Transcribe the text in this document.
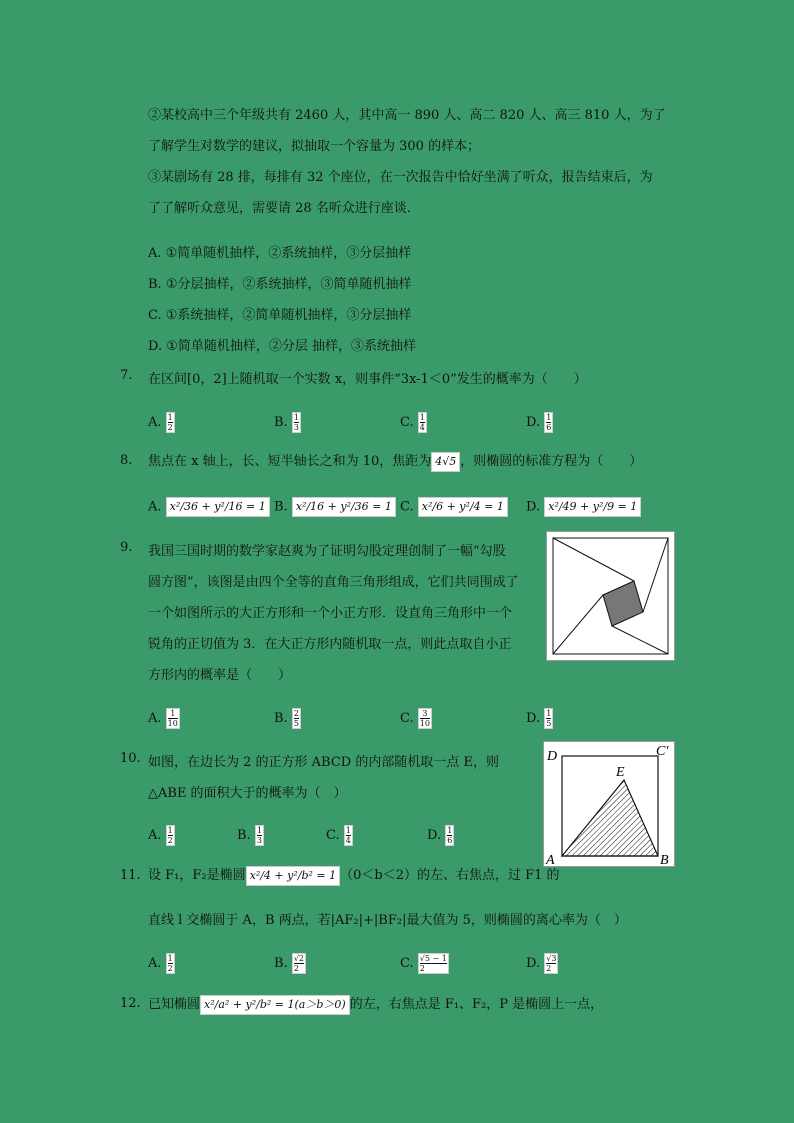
②某校高中三个年级共有 2460 人，其中高一 890 人、高二 820 人、高三 810 人，为了
了解学生对数学的建议，拟抽取一个容量为 300 的样本；
③某剧场有 28 排，每排有 32 个座位，在一次报告中恰好坐满了听众，报告结束后，为
了了解听众意见，需要请 28 名听众进行座谈．
A. ①简单随机抽样，②系统抽样，③分层抽样
B. ①分层抽样，②系统抽样，③简单随机抽样
C. ①系统抽样，②简单随机抽样，③分层抽样
D. ①简单随机抽样，②分层 抽样，③系统抽样
7. 在区间[0，2]上随机取一个实数 x，则事件“3x-1＜0”发生的概率为（　　）
A. $\frac{1}{2}$	B. $\frac{1}{3}$	C. $\frac{1}{4}$	D. $\frac{1}{6}$
8. 焦点在 x 轴上，长、短半轴长之和为 10，焦距为 4√5 ，则椭圆的标准方程为（　　）
A. x²/36 + y²/16 = 1 B. x²/16 + y²/36 = 1 C. x²/6 + y²/4 = 1	D. x²/49 + y²/9 = 1
9. 我国三国时期的数学家赵爽为了证明勾股定理创制了一幅“勾股
圆方图”，该图是由四个全等的直角三角形组成，它们共同围成了
一个如图所示的大正方形和一个小正方形．设直角三角形中一个
锐角的正切值为 3．在大正方形内随机取一点，则此点取自小正
方形内的概率是（　　）
A. $\frac{1}{10}$	B. $\frac{2}{5}$	C. $\frac{3}{10}$	D. $\frac{1}{5}$
10. 如图，在边长为 2 的正方形 ABCD 的内部随机取一点 E，则
△ABE 的面积大于的概率为（　）
D	C'
E
A	B
A. $\frac{1}{2}$	B. $\frac{1}{3}$	C. $\frac{1}{4}$	D. $\frac{1}{6}$
11. 设 F₁，F₂是椭圆 x²/4 + y²/b² = 1 （0＜b＜2）的左、右焦点，过 F1 的
直线 l 交椭圆于 A，B 两点，若|AF₂|+|BF₂|最大值为 5，则椭圆的离心率为（　）
A. $\frac{1}{2}$	B. $\frac{√2}{2}$	C. $\frac{√5 - 1}{2}$	D. $\frac{√3}{2}$
12. 已知椭圆 x²/a² + y²/b² = 1(a＞b＞0) 的左，右焦点是 F₁、F₂，P 是椭圆上一点，
